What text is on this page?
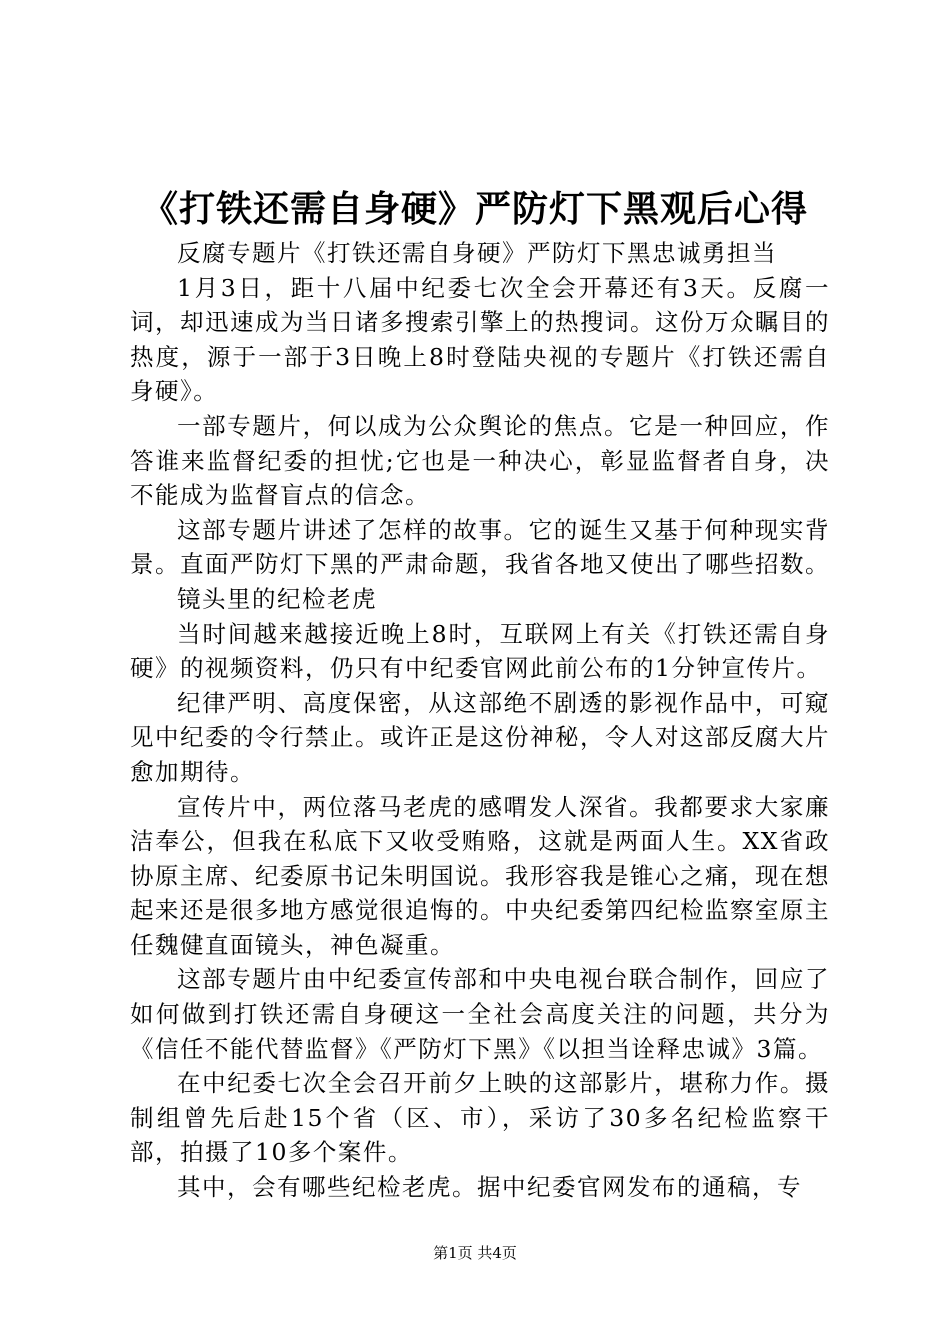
《打铁还需自身硬》严防灯下黑观后心得

反腐专题片《打铁还需自身硬》严防灯下黑忠诚勇担当

1月3日，距十八届中纪委七次全会开幕还有3天。反腐一词，却迅速成为当日诸多搜索引擎上的热搜词。这份万众瞩目的热度，源于一部于3日晚上8时登陆央视的专题片《打铁还需自身硬》。

一部专题片，何以成为公众舆论的焦点。它是一种回应，作答谁来监督纪委的担忧;它也是一种决心，彰显监督者自身，决不能成为监督盲点的信念。

这部专题片讲述了怎样的故事。它的诞生又基于何种现实背景。直面严防灯下黑的严肃命题，我省各地又使出了哪些招数。

镜头里的纪检老虎

当时间越来越接近晚上8时，互联网上有关《打铁还需自身硬》的视频资料，仍只有中纪委官网此前公布的1分钟宣传片。

纪律严明、高度保密，从这部绝不剧透的影视作品中，可窥见中纪委的令行禁止。或许正是这份神秘，令人对这部反腐大片愈加期待。

宣传片中，两位落马老虎的感喟发人深省。我都要求大家廉洁奉公，但我在私底下又收受贿赂，这就是两面人生。XX省政协原主席、纪委原书记朱明国说。我形容我是锥心之痛，现在想起来还是很多地方感觉很追悔的。中央纪委第四纪检监察室原主任魏健直面镜头，神色凝重。

这部专题片由中纪委宣传部和中央电视台联合制作，回应了如何做到打铁还需自身硬这一全社会高度关注的问题，共分为《信任不能代替监督》《严防灯下黑》《以担当诠释忠诚》3篇。

在中纪委七次全会召开前夕上映的这部影片，堪称力作。摄制组曾先后赴15个省（区、市），采访了30多名纪检监察干部，拍摄了10多个案件。

其中，会有哪些纪检老虎。据中纪委官网发布的通稿，专

第1页 共4页
